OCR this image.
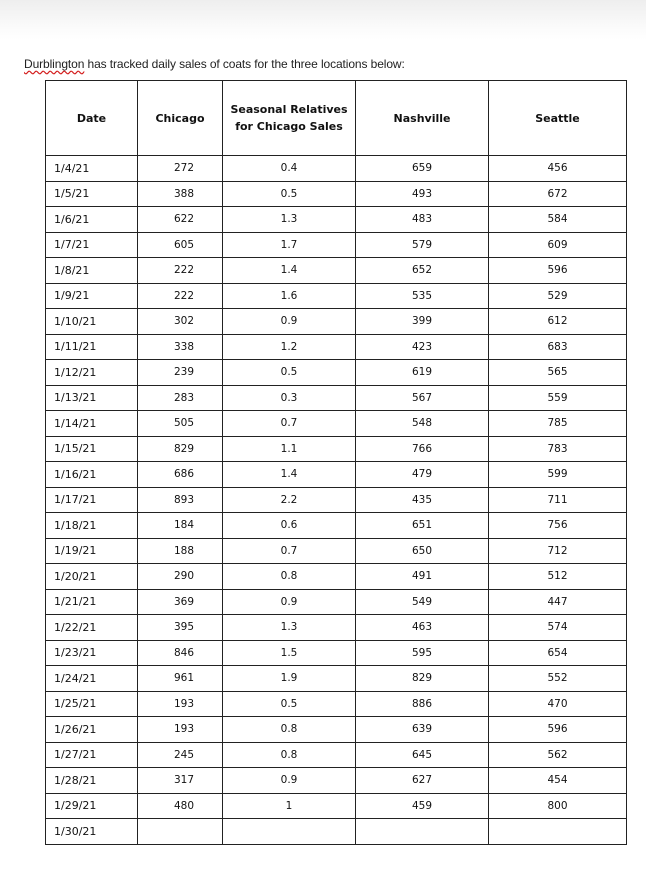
Durblington has tracked daily sales of coats for the three locations below:

Date	Chicago	Seasonal Relatives for Chicago Sales	Nashville	Seattle
1/4/21	272	0.4	659	456
1/5/21	388	0.5	493	672
1/6/21	622	1.3	483	584
1/7/21	605	1.7	579	609
1/8/21	222	1.4	652	596
1/9/21	222	1.6	535	529
1/10/21	302	0.9	399	612
1/11/21	338	1.2	423	683
1/12/21	239	0.5	619	565
1/13/21	283	0.3	567	559
1/14/21	505	0.7	548	785
1/15/21	829	1.1	766	783
1/16/21	686	1.4	479	599
1/17/21	893	2.2	435	711
1/18/21	184	0.6	651	756
1/19/21	188	0.7	650	712
1/20/21	290	0.8	491	512
1/21/21	369	0.9	549	447
1/22/21	395	1.3	463	574
1/23/21	846	1.5	595	654
1/24/21	961	1.9	829	552
1/25/21	193	0.5	886	470
1/26/21	193	0.8	639	596
1/27/21	245	0.8	645	562
1/28/21	317	0.9	627	454
1/29/21	480	1	459	800
1/30/21				
